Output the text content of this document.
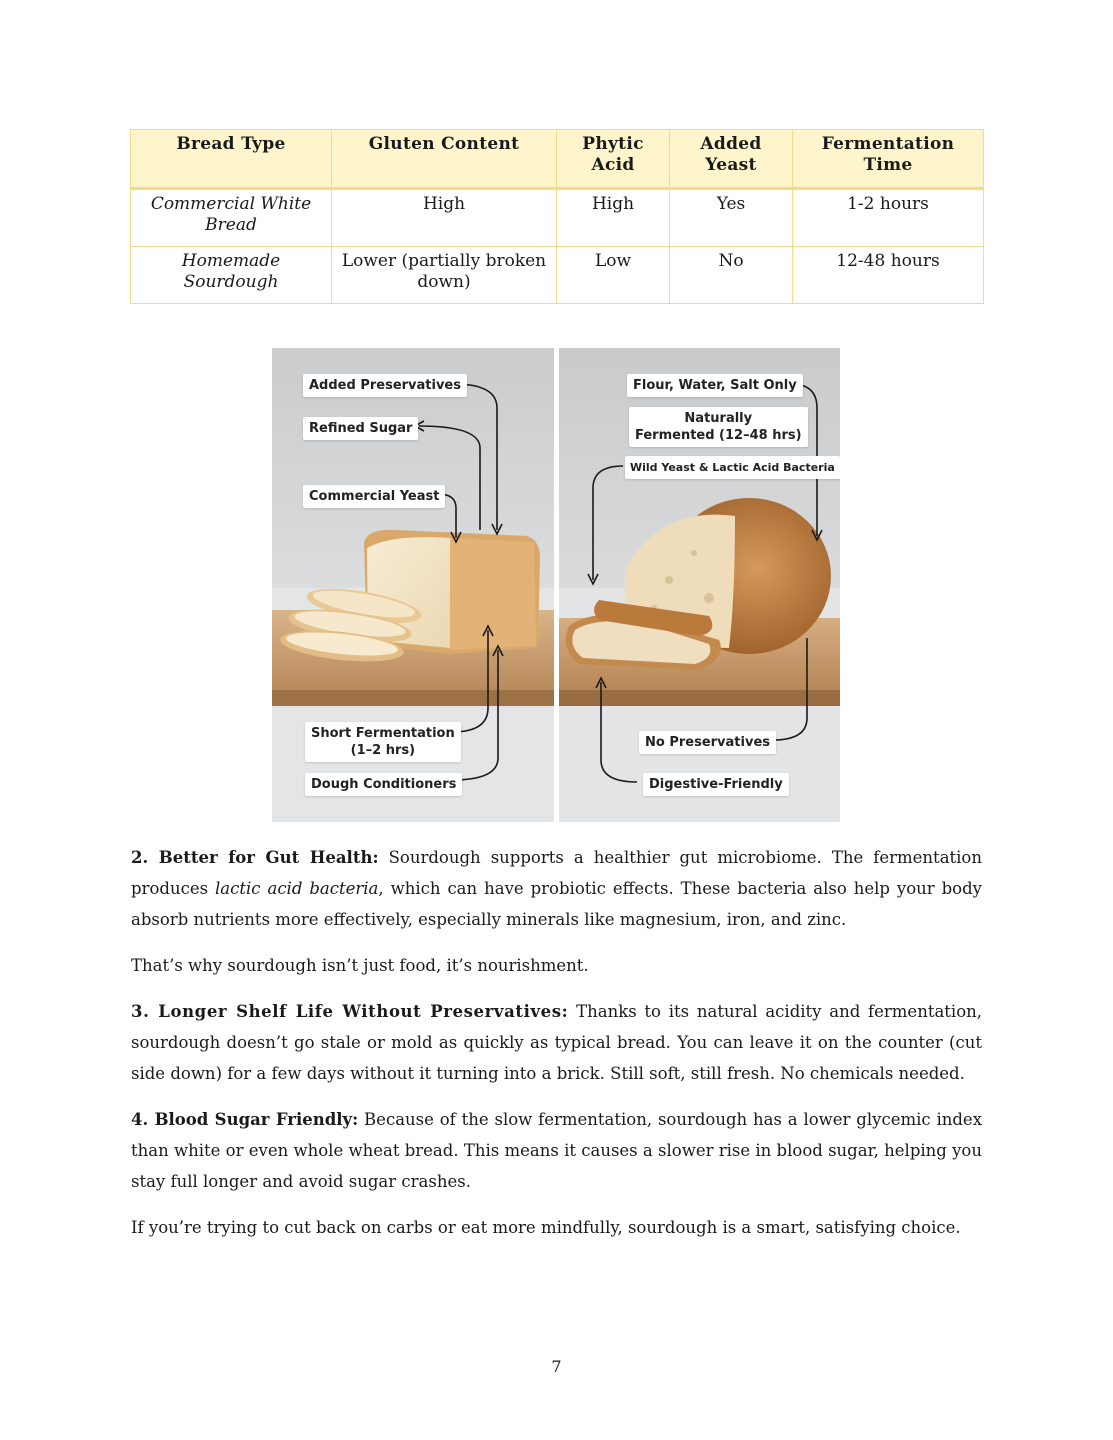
Bread Type	Gluten Content	Phytic Acid	Added Yeast	Fermentation Time
Commercial White Bread	High	High	Yes	1-2 hours
Homemade Sourdough	Lower (partially broken down)	Low	No	12-48 hours
Added Preservatives
Refined Sugar
Commercial Yeast
Short Fermentation
(1–2 hrs)
Dough Conditioners
Flour, Water, Salt Only
Naturally
Fermented (12–48 hrs)
Wild Yeast & Lactic Acid Bacteria
No Preservatives
Digestive-Friendly

2. Better for Gut Health: Sourdough supports a healthier gut microbiome. The fermentation produces lactic acid bacteria, which can have probiotic effects. These bacteria also help your body absorb nutrients more effectively, especially minerals like magnesium, iron, and zinc.

That’s why sourdough isn’t just food, it’s nourishment.

3. Longer Shelf Life Without Preservatives: Thanks to its natural acidity and fermentation, sourdough doesn’t go stale or mold as quickly as typical bread. You can leave it on the counter (cut side down) for a few days without it turning into a brick. Still soft, still fresh. No chemicals needed.

4. Blood Sugar Friendly: Because of the slow fermentation, sourdough has a lower glycemic index than white or even whole wheat bread. This means it causes a slower rise in blood sugar, helping you stay full longer and avoid sugar crashes.

If you’re trying to cut back on carbs or eat more mindfully, sourdough is a smart, satisfying choice.

7
